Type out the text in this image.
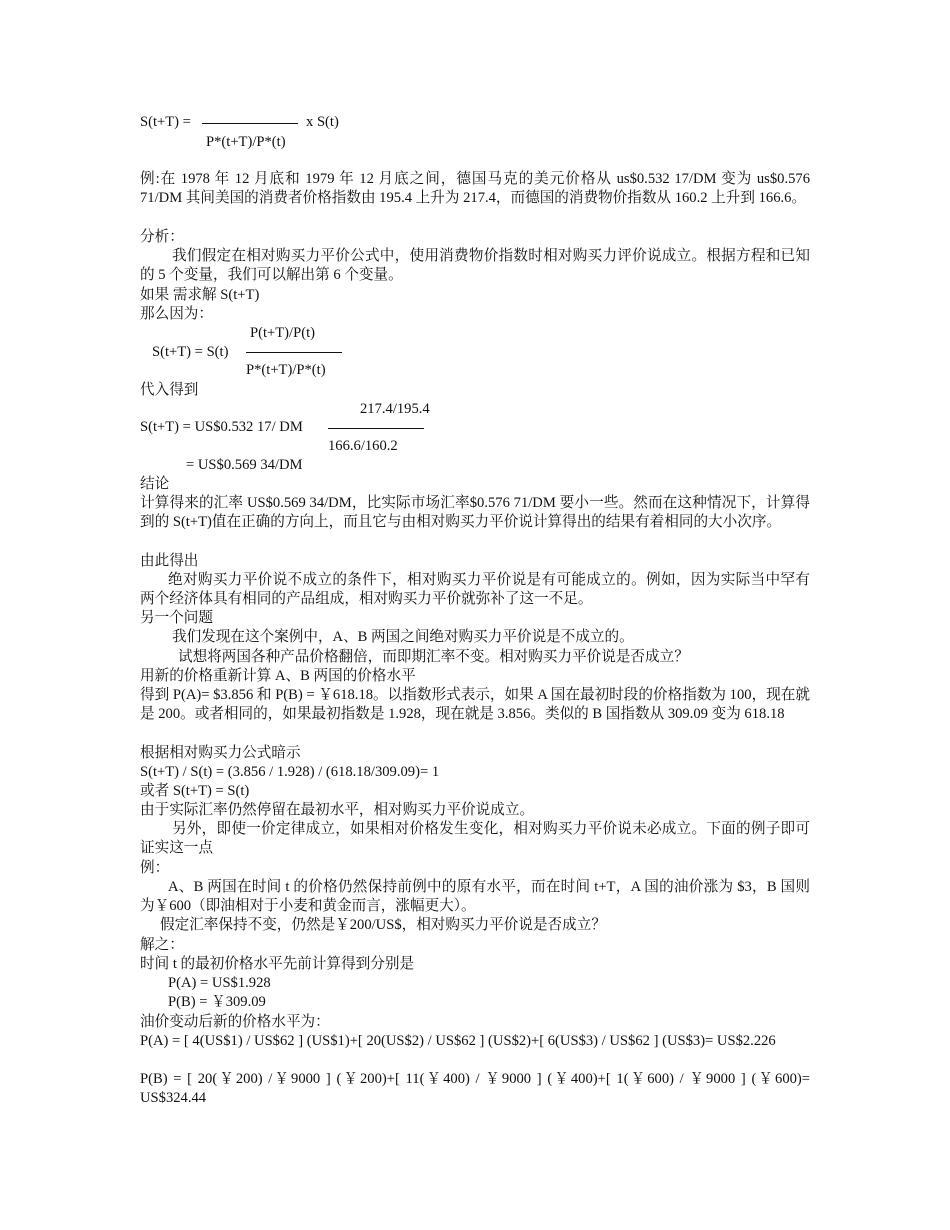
S(t+T) =	x S(t)
P*(t+T)/P*(t)
例:在 1978 年 12 月底和 1979 年 12 月底之间，德国马克的美元价格从 us$0.532 17/DM 变为 us$0.576 71/DM 其间美国的消费者价格指数由 195.4 上升为 217.4，而德国的消费物价指数从 160.2 上升到 166.6。
分析：
我们假定在相对购买力平价公式中，使用消费物价指数时相对购买力评价说成立。根据方程和已知的 5 个变量，我们可以解出第 6 个变量。
如果 需求解 S(t+T)
那么因为：
P(t+T)/P(t)
S(t+T) = S(t)
P*(t+T)/P*(t)
代入得到
217.4/195.4
S(t+T) = US$0.532 17/ DM
166.6/160.2
= US$0.569 34/DM
结论
计算得来的汇率 US$0.569 34/DM，比实际市场汇率$0.576 71/DM 要小一些。然而在这种情况下，计算得到的 S(t+T)值在正确的方向上，而且它与由相对购买力平价说计算得出的结果有着相同的大小次序。
由此得出
绝对购买力平价说不成立的条件下，相对购买力平价说是有可能成立的。例如，因为实际当中罕有两个经济体具有相同的产品组成，相对购买力平价就弥补了这一不足。
另一个问题
我们发现在这个案例中，A、B 两国之间绝对购买力平价说是不成立的。
试想将两国各种产品价格翻倍，而即期汇率不变。相对购买力平价说是否成立？
用新的价格重新计算 A、B 两国的价格水平
得到 P(A)= $3.856 和 P(B) = ￥618.18。以指数形式表示，如果 A 国在最初时段的价格指数为 100，现在就是 200。或者相同的，如果最初指数是 1.928，现在就是 3.856。类似的 B 国指数从 309.09 变为 618.18
根据相对购买力公式暗示
S(t+T) / S(t) = (3.856 / 1.928) / (618.18/309.09)= 1
或者 S(t+T) = S(t)
由于实际汇率仍然停留在最初水平，相对购买力平价说成立。
另外，即使一价定律成立，如果相对价格发生变化，相对购买力平价说未必成立。下面的例子即可证实这一点
例：
A、B 两国在时间 t 的价格仍然保持前例中的原有水平，而在时间 t+T，A 国的油价涨为 $3，B 国则为￥600（即油相对于小麦和黄金而言，涨幅更大）。
假定汇率保持不变，仍然是￥200/US$，相对购买力平价说是否成立？
解之：
时间 t 的最初价格水平先前计算得到分别是
P(A) = US$1.928
P(B) = ￥309.09
油价变动后新的价格水平为：
P(A) = [ 4(US$1) / US$62 ] (US$1)+[ 20(US$2) / US$62 ] (US$2)+[ 6(US$3) / US$62 ] (US$3)= US$2.226
P(B) = [ 20(￥200) /￥9000 ] (￥200)+[ 11(￥400) / ￥9000 ] (￥400)+[ 1(￥600) / ￥9000 ] (￥600)= US$324.44
